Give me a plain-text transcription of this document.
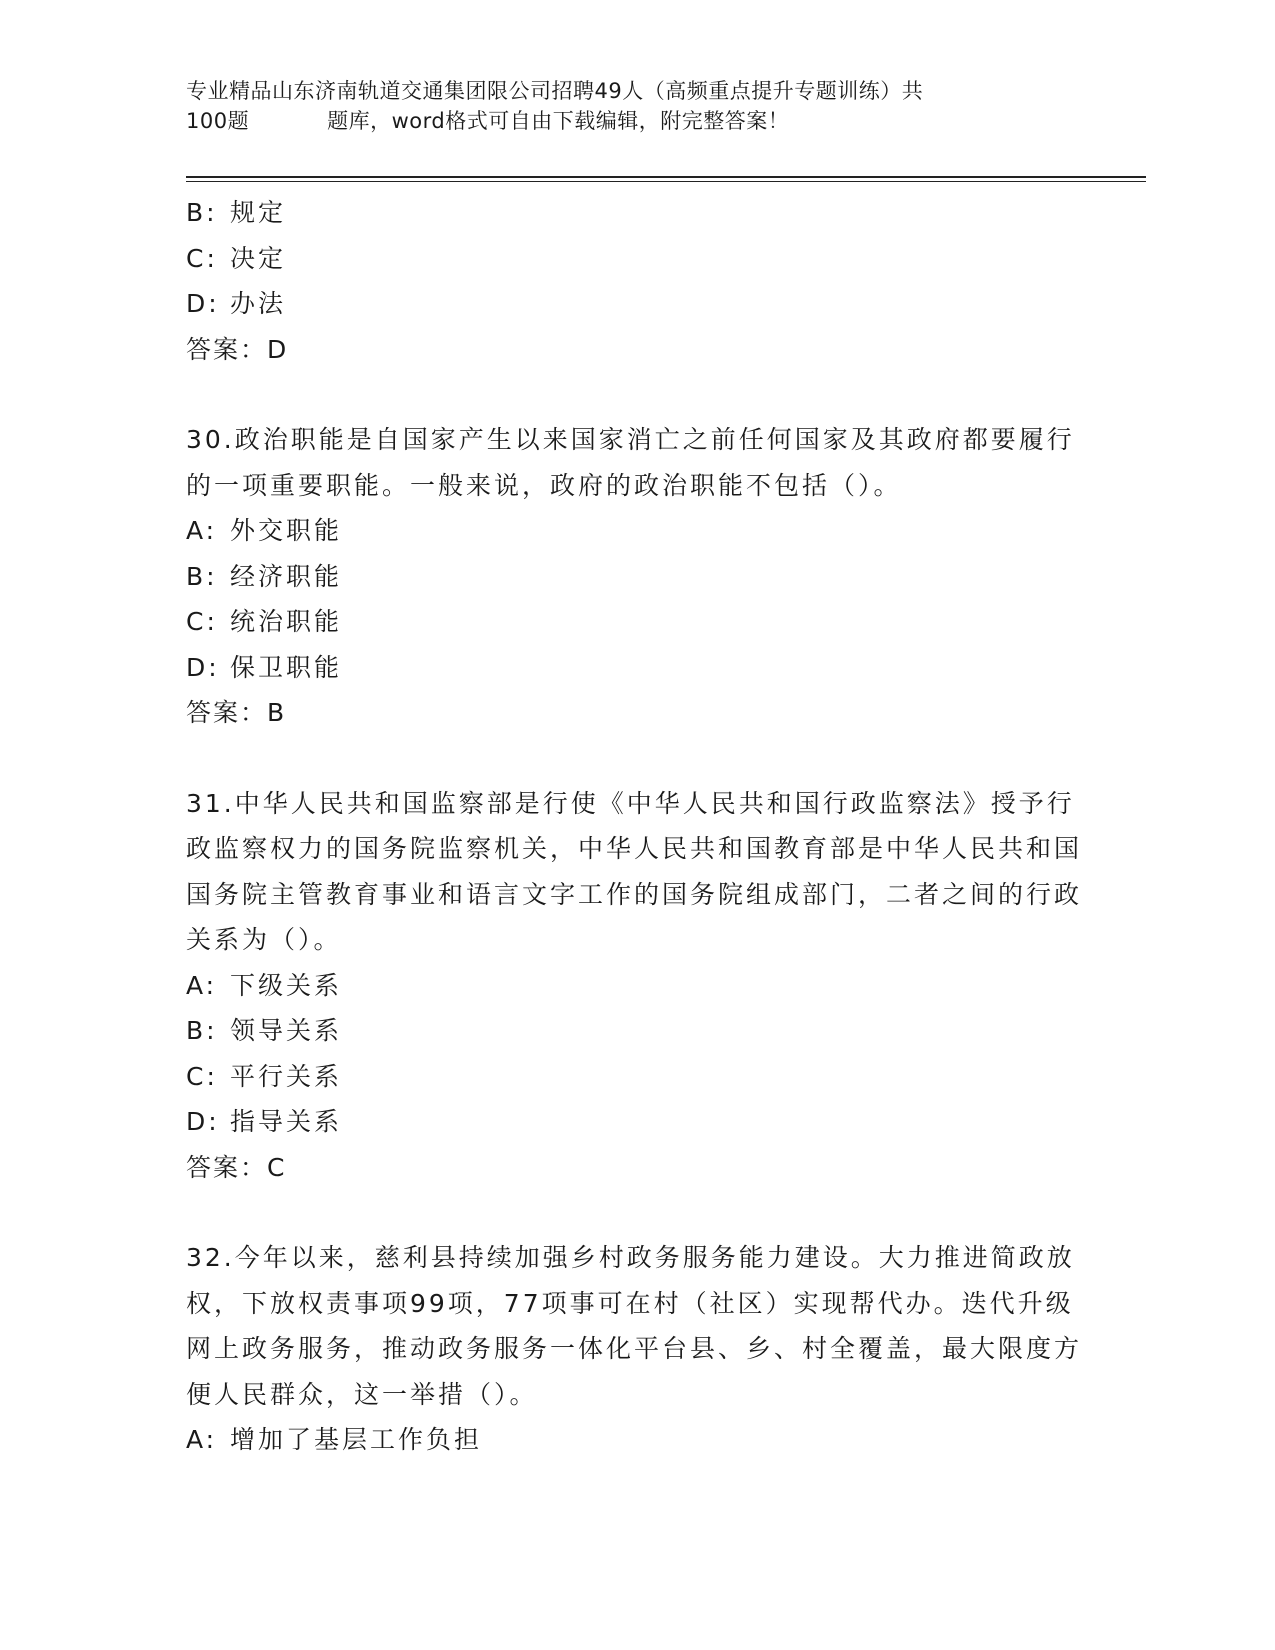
专业精品山东济南轨道交通集团限公司招聘49人（高频重点提升专题训练）共
100题	题库，word格式可自由下载编辑，附完整答案！
B: 规定
C: 决定
D: 办法
答案：D

30.政治职能是自国家产生以来国家消亡之前任何国家及其政府都要履行的一项重要职能。一般来说，政府的政治职能不包括（）。

A: 外交职能
B: 经济职能
C: 统治职能
D: 保卫职能
答案：B

31.中华人民共和国监察部是行使《中华人民共和国行政监察法》授予行政监察权力的国务院监察机关，中华人民共和国教育部是中华人民共和国国务院主管教育事业和语言文字工作的国务院组成部门，二者之间的行政关系为（）。

A: 下级关系
B: 领导关系
C: 平行关系
D: 指导关系
答案：C

32.今年以来，慈利县持续加强乡村政务服务能力建设。大力推进简政放权，下放权责事项99项，77项事可在村（社区）实现帮代办。迭代升级网上政务服务，推动政务服务一体化平台县、乡、村全覆盖，最大限度方便人民群众，这一举措（）。

A: 增加了基层工作负担
